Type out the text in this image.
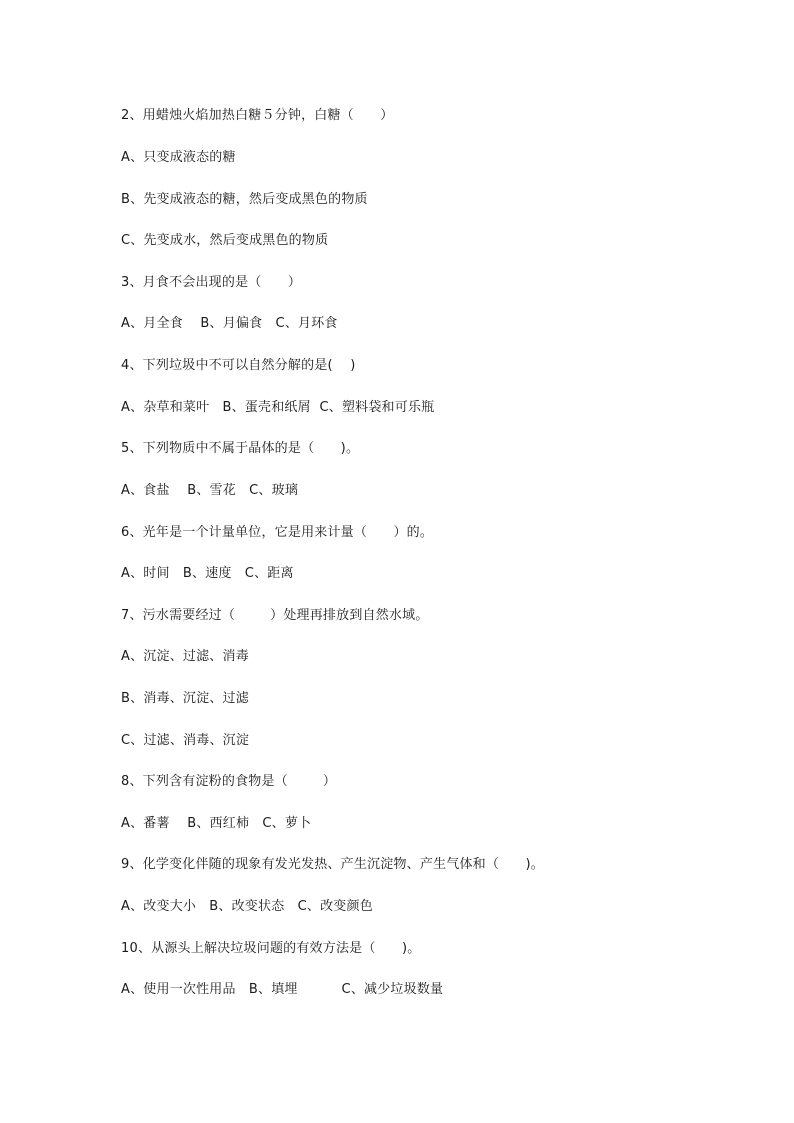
2、用蜡烛火焰加热白糖５分钟，白糖（　　）
A、只变成液态的糖
B、先变成液态的糖，然后变成黑色的物质
C、先变成水，然后变成黑色的物质
3、月食不会出现的是（　　）
A、月全食　 B、月偏食　C、月环食
4、下列垃圾中不可以自然分解的是(　 )
A、杂草和菜叶　B、蛋壳和纸屑  C、塑料袋和可乐瓶
5、下列物质中不属于晶体的是（　　)。
A、食盐　 B、雪花　C、玻璃
6、光年是一个计量单位，它是用来计量（　　）的。
A、时间　B、速度　C、距离
7、污水需要经过（　　  ）处理再排放到自然水域。
A、沉淀、过滤、消毒
B、消毒、沉淀、过滤
C、过滤、消毒、沉淀
8、下列含有淀粉的食物是（　　  ）
A、番薯　 B、西红柿　C、萝卜
9、化学变化伴随的现象有发光发热、产生沉淀物、产生气体和（　　)。
A、改变大小　B、改变状态　C、改变颜色
10、从源头上解决垃圾问题的有效方法是（　　)。
A、使用一次性用品　B、填埋　　　 C、减少垃圾数量
